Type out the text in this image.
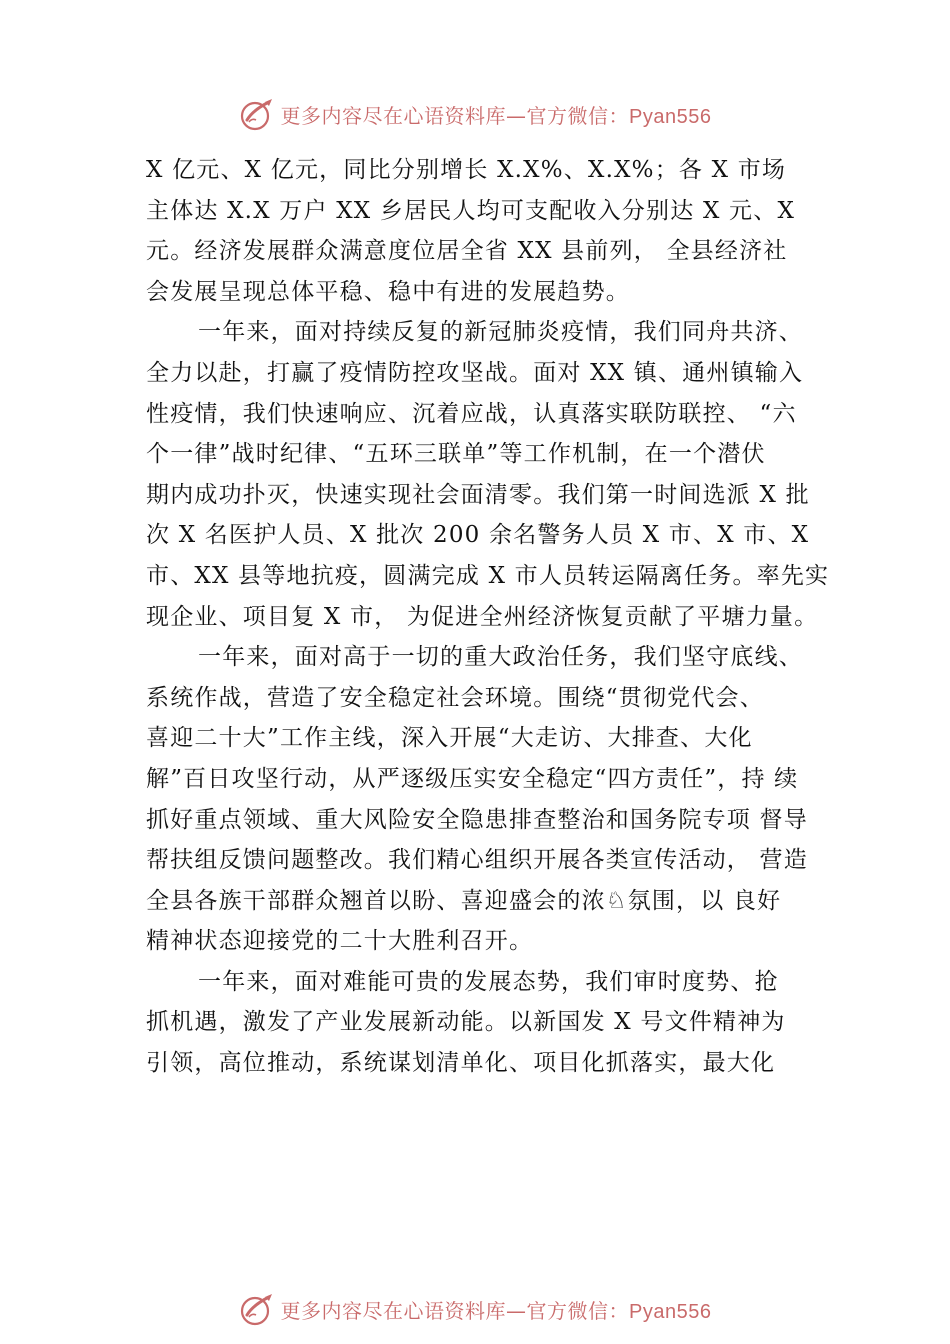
更多内容尽在心语资料库—官方微信：Pyan556
X 亿元、X 亿元，同比分别增长 X.X%、X.X%；各 X 市场
主体达 X.X 万户 XX 乡居民人均可支配收入分别达 X 元、X
元。经济发展群众满意度位居全省 XX 县前列， 全县经济社
会发展呈现总体平稳、稳中有进的发展趋势。
一年来，面对持续反复的新冠肺炎疫情，我们同舟共济、
全力以赴，打赢了疫情防控攻坚战。面对 XX 镇、通州镇输入
性疫情，我们快速响应、沉着应战，认真落实联防联控、 “六
个一律”战时纪律、“五环三联单”等工作机制，在一个潜伏
期内成功扑灭，快速实现社会面清零。我们第一时间选派 X 批
次 X 名医护人员、X 批次 200 余名警务人员 X 市、X 市、X
市、XX 县等地抗疫，圆满完成 X 市人员转运隔离任务。率先实
现企业、项目复 X 市， 为促进全州经济恢复贡献了平塘力量。
一年来，面对高于一切的重大政治任务，我们坚守底线、
系统作战，营造了安全稳定社会环境。围绕“贯彻党代会、
喜迎二十大”工作主线，深入开展“大走访、大排查、大化
解”百日攻坚行动，从严逐级压实安全稳定“四方责任”，持 续
抓好重点领域、重大风险安全隐患排查整治和国务院专项 督导
帮扶组反馈问题整改。我们精心组织开展各类宣传活动， 营造
全县各族干部群众翘首以盼、喜迎盛会的浓♘氛围，以 良好
精神状态迎接党的二十大胜利召开。
一年来，面对难能可贵的发展态势，我们审时度势、抢
抓机遇，激发了产业发展新动能。以新国发 X 号文件精神为
引领，高位推动，系统谋划清单化、项目化抓落实，最大化
更多内容尽在心语资料库—官方微信：Pyan556
